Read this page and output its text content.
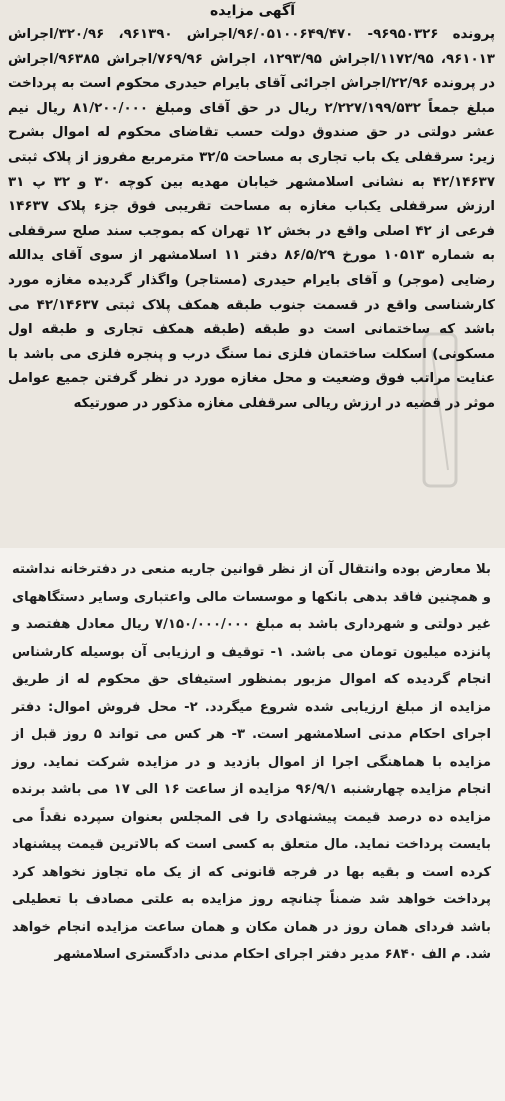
آگهی مزایده
پرونده ۹۶۹۵۰۳۲۶- ۹۶/۰۵۱۰۰۶۴۹/۴۷۰/اجراش ۹۶۱۳۹۰، ۳۲۰/۹۶/اجراش ۹۶۱۰۱۳، ۱۱۷۲/۹۵/اجراش ۱۲۹۳/۹۵، اجراش ۷۶۹/۹۶/اجراش ۹۶۳۸۵/اجراش در پرونده ۲۲/۹۶/اجراش اجرائی آقای بایرام حیدری محکوم است به پرداخت مبلغ جمعاً ۲/۲۲۷/۱۹۹/۵۳۲ ریال در حق آقای ومبلغ ۸۱/۲۰۰/۰۰۰ ریال نیم عشر دولتی در حق صندوق دولت حسب تقاضای محکوم له اموال بشرح زیر: سرقفلی یک باب تجاری به مساحت ۳۲/۵ مترمربع مفروز از پلاک ثبتی ۴۲/۱۴۶۳۷ به نشانی اسلامشهر خیابان مهدیه بین کوچه ۳۰ و ۳۲ پ ۳۱ ارزش سرقفلی یکباب مغازه به مساحت تقریبی فوق جزء پلاک ۱۴۶۳۷ فرعی از ۴۲ اصلی واقع در بخش ۱۲ تهران که بموجب سند صلح سرقفلی به شماره ۱۰۵۱۳ مورخ ۸۶/۵/۲۹ دفتر ۱۱ اسلامشهر از سوی آقای یدالله رضایی (موجر) و آقای بایرام حیدری (مستاجر) واگذار گردیده مغازه مورد کارشناسی واقع در قسمت جنوب طبقه همکف پلاک ثبتی ۴۲/۱۴۶۳۷ می باشد که ساختمانی است دو طبقه (طبقه همکف تجاری و طبقه اول مسکونی) اسکلت ساختمان فلزی نما سنگ درب و پنجره فلزی می باشد با عنایت مراتب فوق وضعیت و محل مغازه مورد در نظر گرفتن جمیع عوامل موثر در قضیه در ارزش ریالی سرقفلی مغازه مذکور در صورتیکه
بلا معارض بوده وانتقال آن از نظر قوانین جاریه منعی در دفترخانه نداشته و همچنین فاقد بدهی بانکها و موسسات مالی واعتباری وسایر دستگاههای غیر دولتی و شهرداری باشد به مبلغ ۷/۱۵۰/۰۰۰/۰۰۰ ریال معادل هفتصد و پانزده میلیون تومان می باشد. ۱- توقیف و ارزیابی آن بوسیله کارشناس انجام گردیده که اموال مزبور بمنظور استیفای حق محکوم له از طریق مزایده از مبلغ ارزیابی شده شروع میگردد. ۲- محل فروش اموال: دفتر اجرای احکام مدنی اسلامشهر است. ۳- هر کس می تواند ۵ روز قبل از مزایده با هماهنگی اجرا از اموال بازدید و در مزایده شرکت نماید. روز انجام مزایده چهارشنبه ۹۶/۹/۱ مزایده از ساعت ۱۶ الی ۱۷ می باشد برنده مزایده ده درصد قیمت پیشنهادی را فی المجلس بعنوان سپرده نقداً می بایست پرداخت نماید. مال متعلق به کسی است که بالاترین قیمت پیشنهاد کرده است و بقیه بها در فرجه قانونی که از یک ماه تجاوز نخواهد کرد پرداخت خواهد شد ضمناً چنانچه روز مزایده به علتی مصادف با تعطیلی باشد فردای همان روز در همان مکان و همان ساعت مزایده انجام خواهد شد. م الف ۶۸۴۰ مدیر دفتر اجرای احکام مدنی دادگستری اسلامشهر
